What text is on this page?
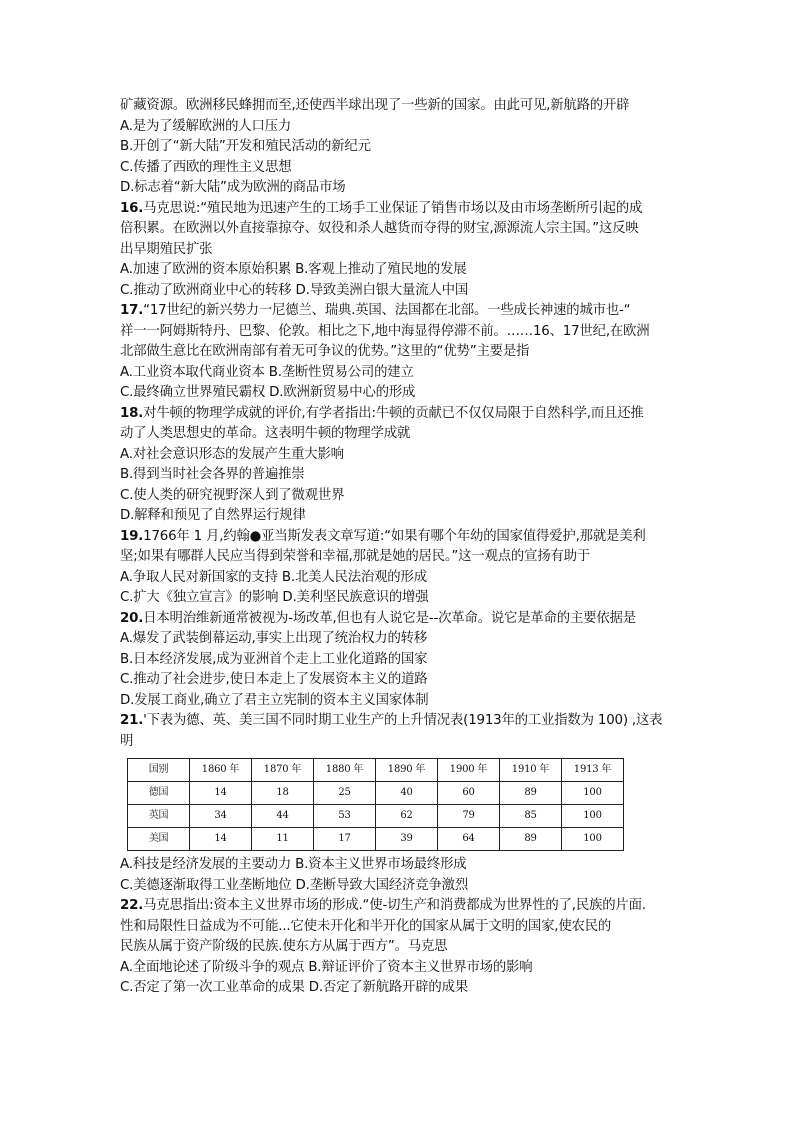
矿藏资源。欧洲移民蜂拥而至,还使西半球出现了一些新的国家。由此可见,新航路的开辟
A.是为了缓解欧洲的人口压力
B.开创了“新大陆”开发和殖民活动的新纪元
C.传播了西欧的理性主义思想
D.标志着“新大陆”成为欧洲的商品市场
16.马克思说:“殖民地为迅速产生的工场手工业保证了销售市场以及由市场垄断所引起的成
倍积累。在欧洲以外直接靠掠夺、奴役和杀人越货而夺得的财宝,源源流人宗主国。”这反映
出早期殖民扩张
A.加速了欧洲的资本原始积累 B.客观上推动了殖民地的发展
C.推动了欧洲商业中心的转移 D.导致美洲白银大量流人中国
17.“17世纪的新兴势力一尼德兰、瑞典.英国、法国都在北部。一些成长神速的城市也-“
祥一一阿姆斯特丹、巴黎、伦敦。相比之下,地中海显得停滞不前。……16、17世纪,在欧洲
北部做生意比在欧洲南部有着无可争议的优势。”这里的“优势”主要是指
A.工业资本取代商业资本 B.垄断性贸易公司的建立
C.最终确立世界殖民霸权 D.欧洲新贸易中心的形成
18.对牛顿的物理学成就的评价,有学者指出:牛顿的贡献已不仅仅局限于自然科学,而且还推
动了人类思想史的革命。这表明牛顿的物理学成就
A.对社会意识形态的发展产生重大影响
B.得到当时社会各界的普遍推崇
C.使人类的研究视野深人到了微观世界
D.解释和预见了自然界运行规律
19.1766年 1 月,约翰●亚当斯发表文章写道:“如果有哪个年幼的国家值得爱护,那就是美利
坚;如果有哪群人民应当得到荣誉和幸福,那就是她的居民。”这一观点的宣扬有助于
A.争取人民对新国家的支持 B.北美人民法治观的形成
C.扩大《独立宣言》的影响 D.美利坚民族意识的增强
20.日本明治维新通常被视为-场改革,但也有人说它是--次革命。说它是革命的主要依据是
A.爆发了武装倒幕运动,事实上出现了统治权力的转移
B.日本经济发展,成为亚洲首个走上工业化道路的国家
C.推动了社会进步,使日本走上了发展资本主义的道路
D.发展工商业,确立了君主立宪制的资本主义国家体制
21.'下表为德、英、美三国不同时期工业生产的上升情况表(1913年的工业指数为 100) ,这表
明
国别	1860 年	1870 年	1880 年	1890 年	1900 年	1910 年	1913 年
德国	14	18	25	40	60	89	100
英国	34	44	53	62	79	85	100
美国	14	11	17	39	64	89	100
A.科技是经济发展的主要动力 B.资本主义世界市场最终形成
C.美德逐渐取得工业垄断地位 D.垄断导致大国经济竞争激烈
22.马克思指出:资本主义世界市场的形成.“使-切生产和消费都成为世界性的了,民族的片面.
性和局限性日益成为不可能...它使未开化和半开化的国家从属于文明的国家,使农民的
民族从属于资产阶级的民族.使东方从属于西方”。马克思
A.全面地论述了阶级斗争的观点 B.辩证评价了资本主义世界市场的影响
C.否定了第一次工业革命的成果 D.否定了新航路开辟的成果
